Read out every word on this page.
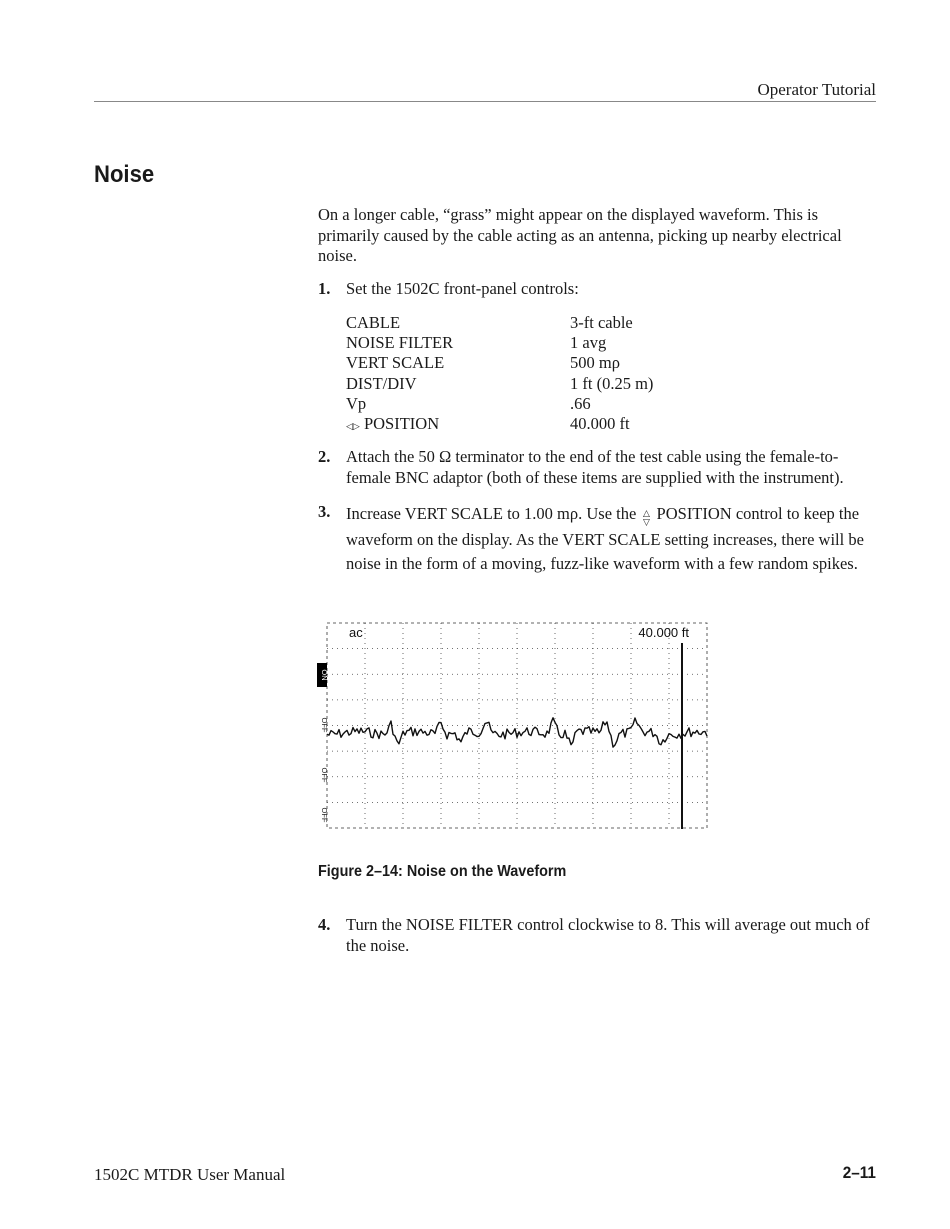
Operator Tutorial
Noise
On a longer cable, “grass” might appear on the displayed waveform. This is primarily caused by the cable acting as an antenna, picking up nearby electrical noise.
1. Set the 1502C front-panel controls:
CABLE	3-ft cable
NOISE FILTER	1 avg
VERT SCALE	500 mρ
DIST/DIV	1 ft (0.25 m)
Vp	.66
◁▷ POSITION	40.000 ft
2. Attach the 50 Ω terminator to the end of the test cable using the female-to-female BNC adaptor (both of these items are supplied with the instrument).
3. Increase VERT SCALE to 1.00 mρ. Use the △
▽ POSITION control to keep the waveform on the display. As the VERT SCALE setting increases, there will be noise in the form of a moving, fuzz-like waveform with a few random spikes.
ON
OFF
OFF
OFF
ac	40.000 ft
Figure 2–14: Noise on the Waveform
4. Turn the NOISE FILTER control clockwise to 8. This will average out much of the noise.
1502C MTDR User Manual	2–11
